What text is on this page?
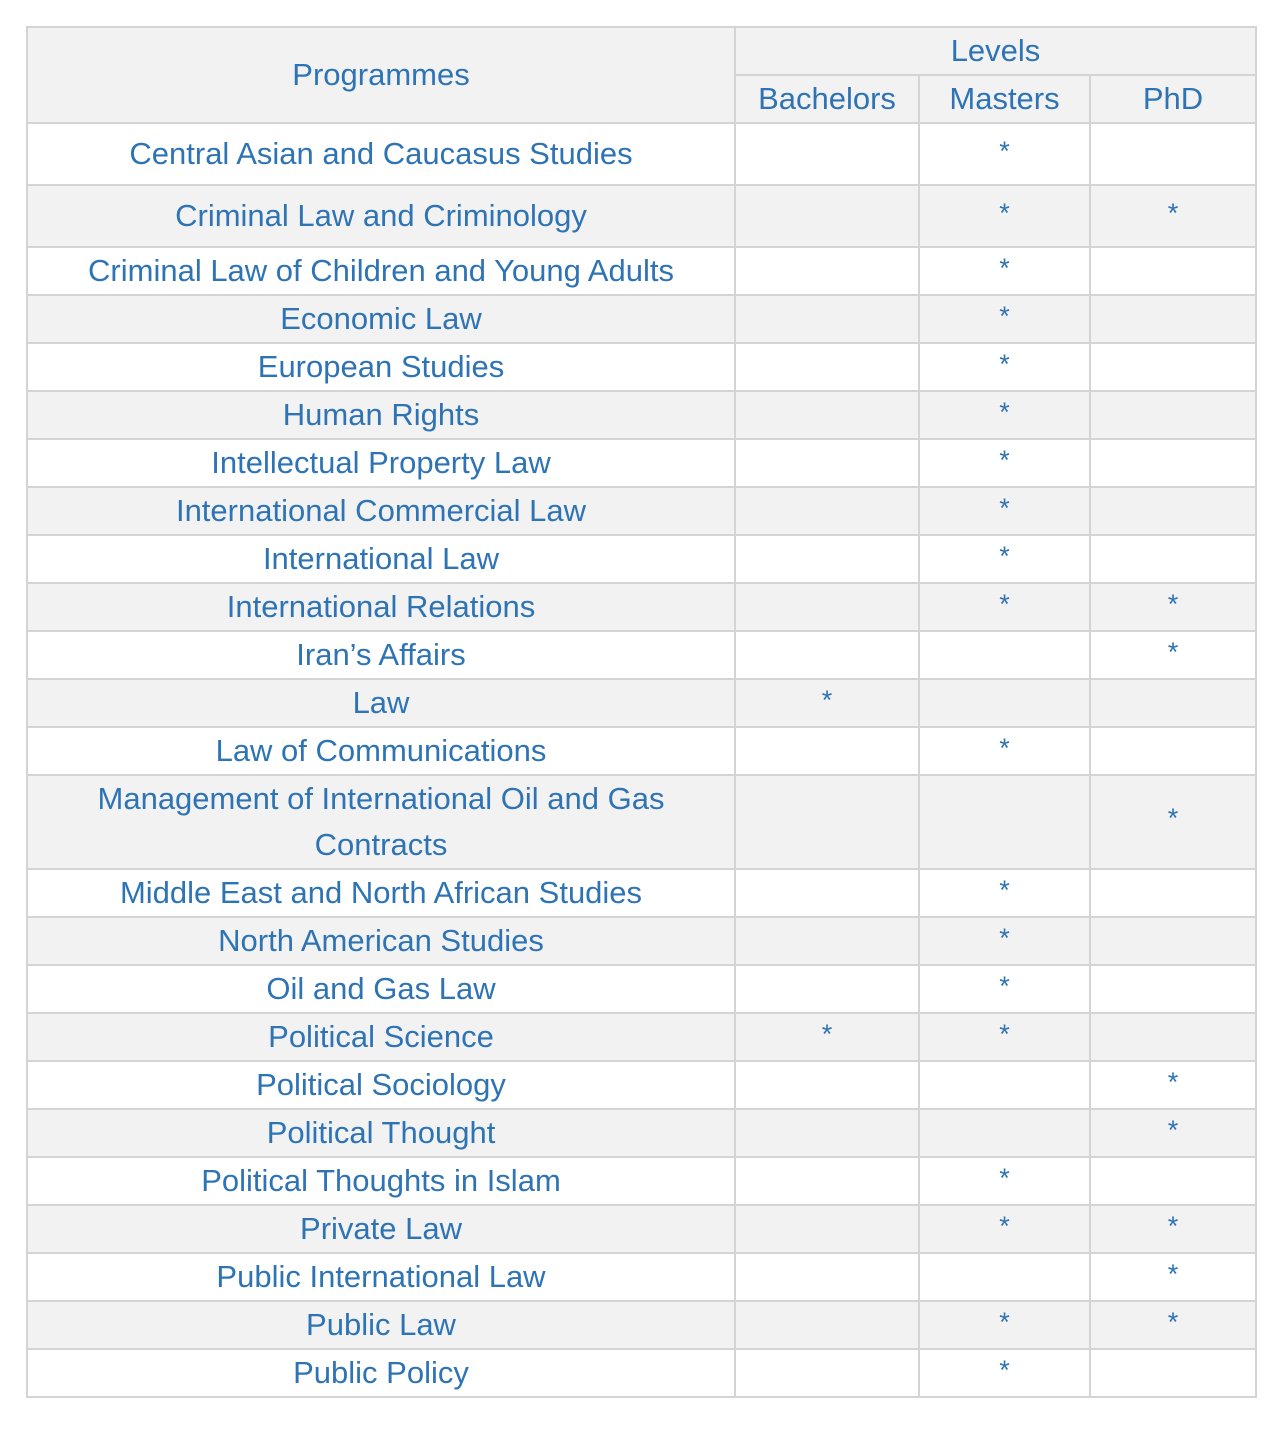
Programmes	Levels		
	Bachelors	Masters	PhD
Central Asian and Caucasus Studies		*	
Criminal Law and Criminology		*	*
Criminal Law of Children and Young Adults		*	
Economic Law		*	
European Studies		*	
Human Rights		*	
Intellectual Property Law		*	
International Commercial Law		*	
International Law		*	
International Relations		*	*
Iran’s Affairs			*
Law	*		
Law of Communications		*	
Management of International Oil and Gas Contracts			*
Middle East and North African Studies		*	
North American Studies		*	
Oil and Gas Law		*	
Political Science	*	*	
Political Sociology			*
Political Thought			*
Political Thoughts in Islam		*	
Private Law		*	*
Public International Law			*
Public Law		*	*
Public Policy		*	
